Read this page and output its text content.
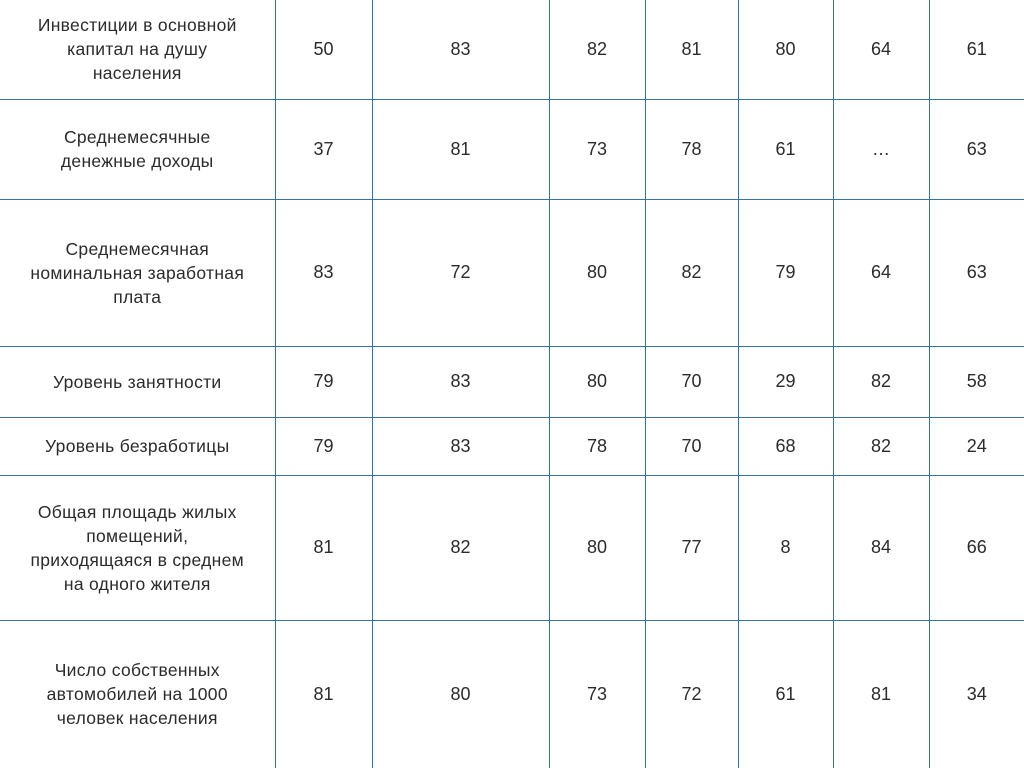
Инвестиции в основной
капитал на душу
населения	50	83	82	81	80	64	61

Среднемесячные
денежные доходы	37	81	73	78	61	…	63

Среднемесячная
номинальная заработная
плата	83	72	80	82	79	64	63

Уровень занятности	79	83	80	70	29	82	58

Уровень безработицы	79	83	78	70	68	82	24

Общая площадь жилых
помещений,
приходящаяся в среднем
на одного жителя	81	82	80	77	8	84	66

Число собственных
автомобилей на 1000
человек населения	81	80	73	72	61	81	34
